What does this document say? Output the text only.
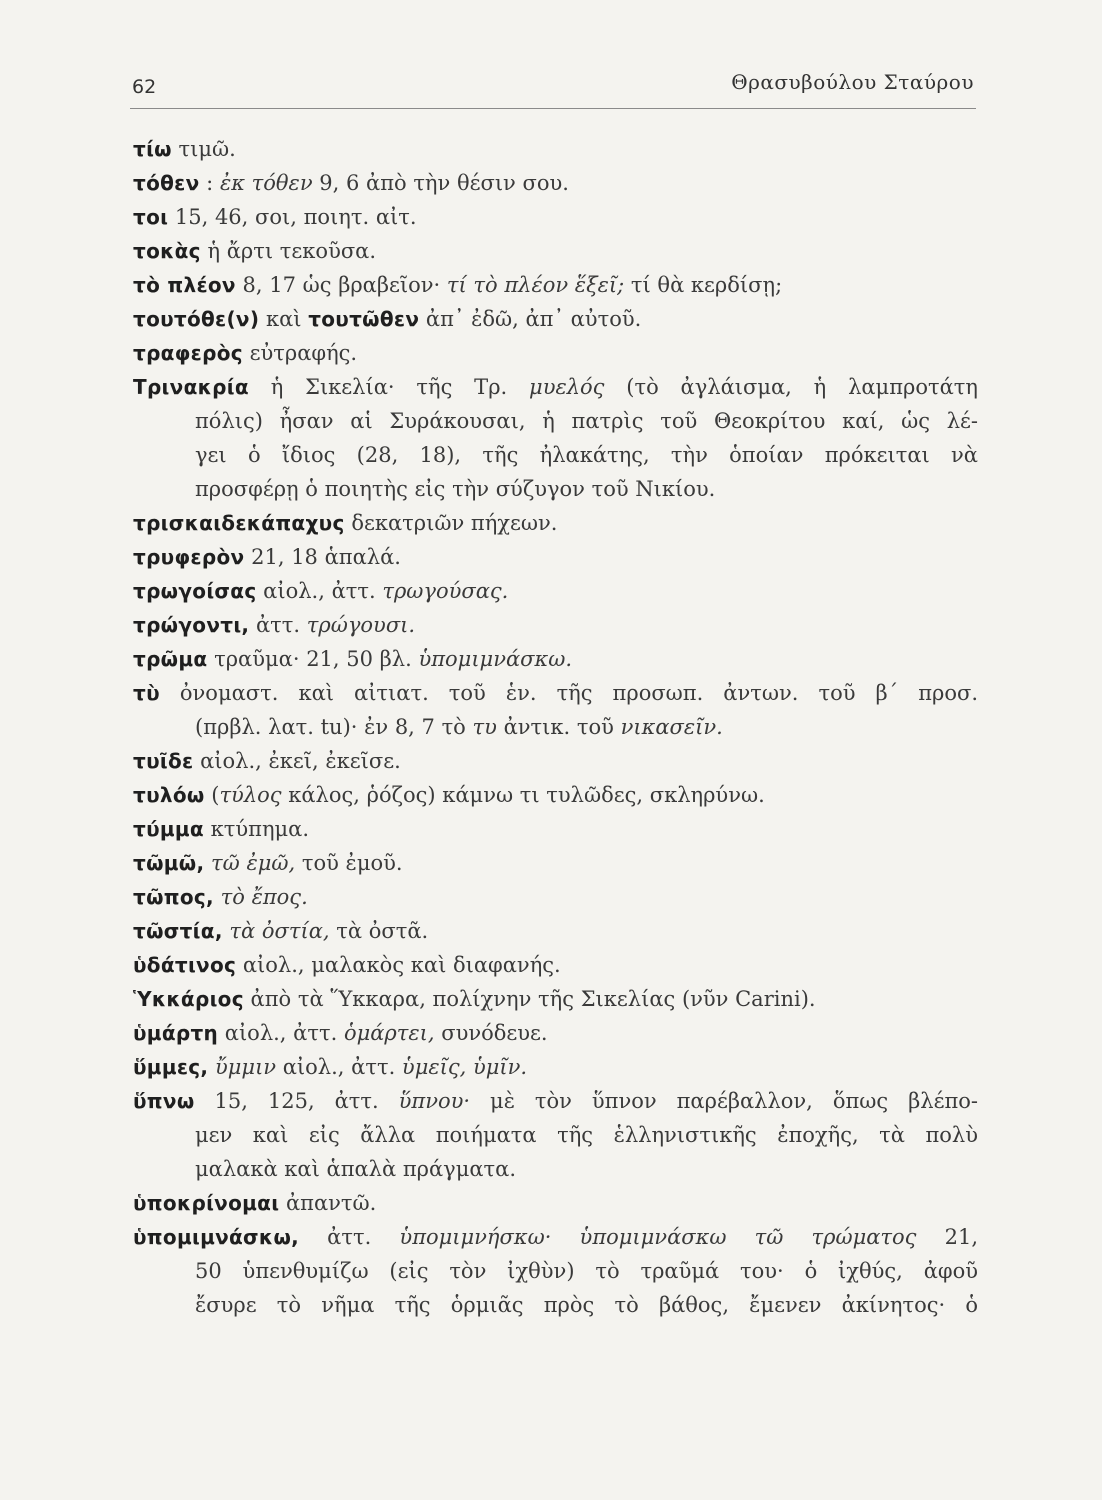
62	Θρασυβούλου Σταύρου
τίω τιμῶ.
τόθεν : ἐκ τόθεν 9, 6 ἀπὸ τὴν θέσιν σου.
τοι 15, 46, σοι, ποιητ. αἰτ.
τοκὰς ἡ ἄρτι τεκοῦσα.
τὸ πλέον 8, 17 ὡς βραβεῖον· τί τὸ πλέον ἕξεῖ; τί θὰ κερδίσῃ;
τουτόθε(ν) καὶ τουτῶθεν ἀπ᾽ ἐδῶ, ἀπ᾽ αὐτοῦ.
τραφερὸς εὐτραφής.
Τρινακρία ἡ Σικελία· τῆς Τρ. μυελός (τὸ ἀγλάισμα, ἡ λαμπροτάτη
πόλις) ἦσαν αἱ Συράκουσαι, ἡ πατρὶς τοῦ Θεοκρίτου καί, ὡς λέ-
γει ὁ ἴδιος (28, 18), τῆς ἠλακάτης, τὴν ὁποίαν πρόκειται νὰ
προσφέρῃ ὁ ποιητὴς εἰς τὴν σύζυγον τοῦ Νικίου.
τρισκαιδεκάπαχυς δεκατριῶν πήχεων.
τρυφερὸν 21, 18 ἁπαλά.
τρωγοίσας αἰολ., ἀττ. τρωγούσας.
τρώγοντι, ἀττ. τρώγουσι.
τρῶμα τραῦμα· 21, 50 βλ. ὑπομιμνάσκω.
τὺ ὀνομαστ. καὶ αἰτιατ. τοῦ ἑν. τῆς προσωπ. ἀντων. τοῦ β΄ προσ.
(πρβλ. λατ. tu)· ἐν 8, 7 τὸ τυ ἀντικ. τοῦ νικασεῖν.
τυῖδε αἰολ., ἐκεῖ, ἐκεῖσε.
τυλόω (τύλος κάλος, ῥόζος) κάμνω τι τυλῶδες, σκληρύνω.
τύμμα κτύπημα.
τῶμῶ, τῶ ἐμῶ, τοῦ ἐμοῦ.
τῶπος, τὸ ἔπος.
τῶστία, τὰ ὀστία, τὰ ὀστᾶ.
ὑδάτινος αἰολ., μαλακὸς καὶ διαφανής.
Ὑκκάριος ἀπὸ τὰ Ὕκκαρα, πολίχνην τῆς Σικελίας (νῦν Carini).
ὑμάρτη αἰολ., ἀττ. ὁμάρτει, συνόδευε.
ὕμμες, ὔμμιν αἰολ., ἀττ. ὑμεῖς, ὑμῖν.
ὕπνω 15, 125, ἀττ. ὕπνου· μὲ τὸν ὕπνον παρέβαλλον, ὅπως βλέπο-
μεν καὶ εἰς ἄλλα ποιήματα τῆς ἑλληνιστικῆς ἐποχῆς, τὰ πολὺ
μαλακὰ καὶ ἁπαλὰ πράγματα.
ὑποκρίνομαι ἀπαντῶ.
ὑπομιμνάσκω, ἀττ. ὑπομιμνήσκω· ὑπομιμνάσκω τῶ τρώματος 21,
50 ὑπενθυμίζω (εἰς τὸν ἰχθὺν) τὸ τραῦμά του· ὁ ἰχθύς, ἀφοῦ
ἔσυρε τὸ νῆμα τῆς ὁρμιᾶς πρὸς τὸ βάθος, ἔμενεν ἀκίνητος· ὁ
